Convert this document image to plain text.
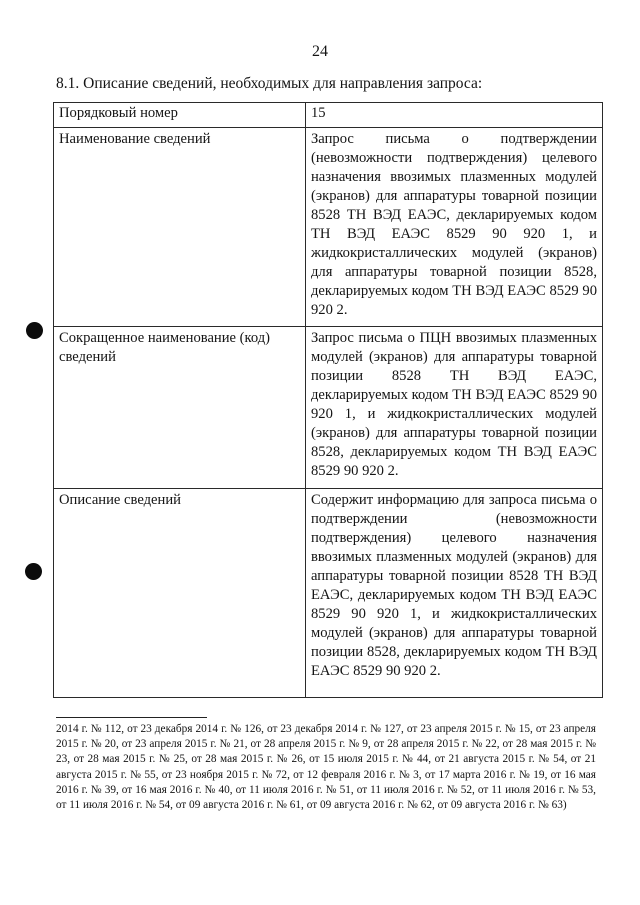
24
8.1. Описание сведений, необходимых для направления запроса:
Порядковый номер	15
Наименование сведений	Запрос письма о подтверждении (невозможности подтверждения) целевого назначения ввозимых плазменных модулей (экранов) для аппаратуры товарной позиции 8528 ТН ВЭД ЕАЭС, декларируемых кодом ТН ВЭД ЕАЭС 8529 90 920 1, и жидкокристаллических модулей (экранов) для аппаратуры товарной позиции 8528, декларируемых кодом ТН ВЭД ЕАЭС 8529 90 920 2.
Сокращенное наименование (код) сведений	Запрос письма о ПЦН ввозимых плазменных модулей (экранов) для аппаратуры товарной позиции 8528 ТН ВЭД ЕАЭС, декларируемых кодом ТН ВЭД ЕАЭС 8529 90 920 1, и жидкокристаллических модулей (экранов) для аппаратуры товарной позиции 8528, декларируемых кодом ТН ВЭД ЕАЭС 8529 90 920 2.
Описание сведений	Содержит информацию для запроса письма о подтверждении (невозможности подтверждения) целевого назначения ввозимых плазменных модулей (экранов) для аппаратуры товарной позиции 8528 ТН ВЭД ЕАЭС, декларируемых кодом ТН ВЭД ЕАЭС 8529 90 920 1, и жидкокристаллических модулей (экранов) для аппаратуры товарной позиции 8528, декларируемых кодом ТН ВЭД ЕАЭС 8529 90 920 2.
2014 г. № 112, от 23 декабря 2014 г. № 126, от 23 декабря 2014 г. № 127, от 23 апреля 2015 г. № 15, от 23 апреля 2015 г. № 20, от 23 апреля 2015 г. № 21, от 28 апреля 2015 г. № 9, от 28 апреля 2015 г. № 22, от 28 мая 2015 г. № 23, от 28 мая 2015 г. № 25, от 28 мая 2015 г. № 26, от 15 июля 2015 г. № 44, от 21 августа 2015 г. № 54, от 21 августа 2015 г. № 55, от 23 ноября 2015 г. № 72, от 12 февраля 2016 г. № 3, от 17 марта 2016 г. № 19, от 16 мая 2016 г. № 39, от 16 мая 2016 г. № 40, от 11 июля 2016 г. № 51, от 11 июля 2016 г. № 52, от 11 июля 2016 г. № 53, от 11 июля 2016 г. № 54, от 09 августа 2016 г. № 61, от 09 августа 2016 г. № 62, от 09 августа 2016 г. № 63)
